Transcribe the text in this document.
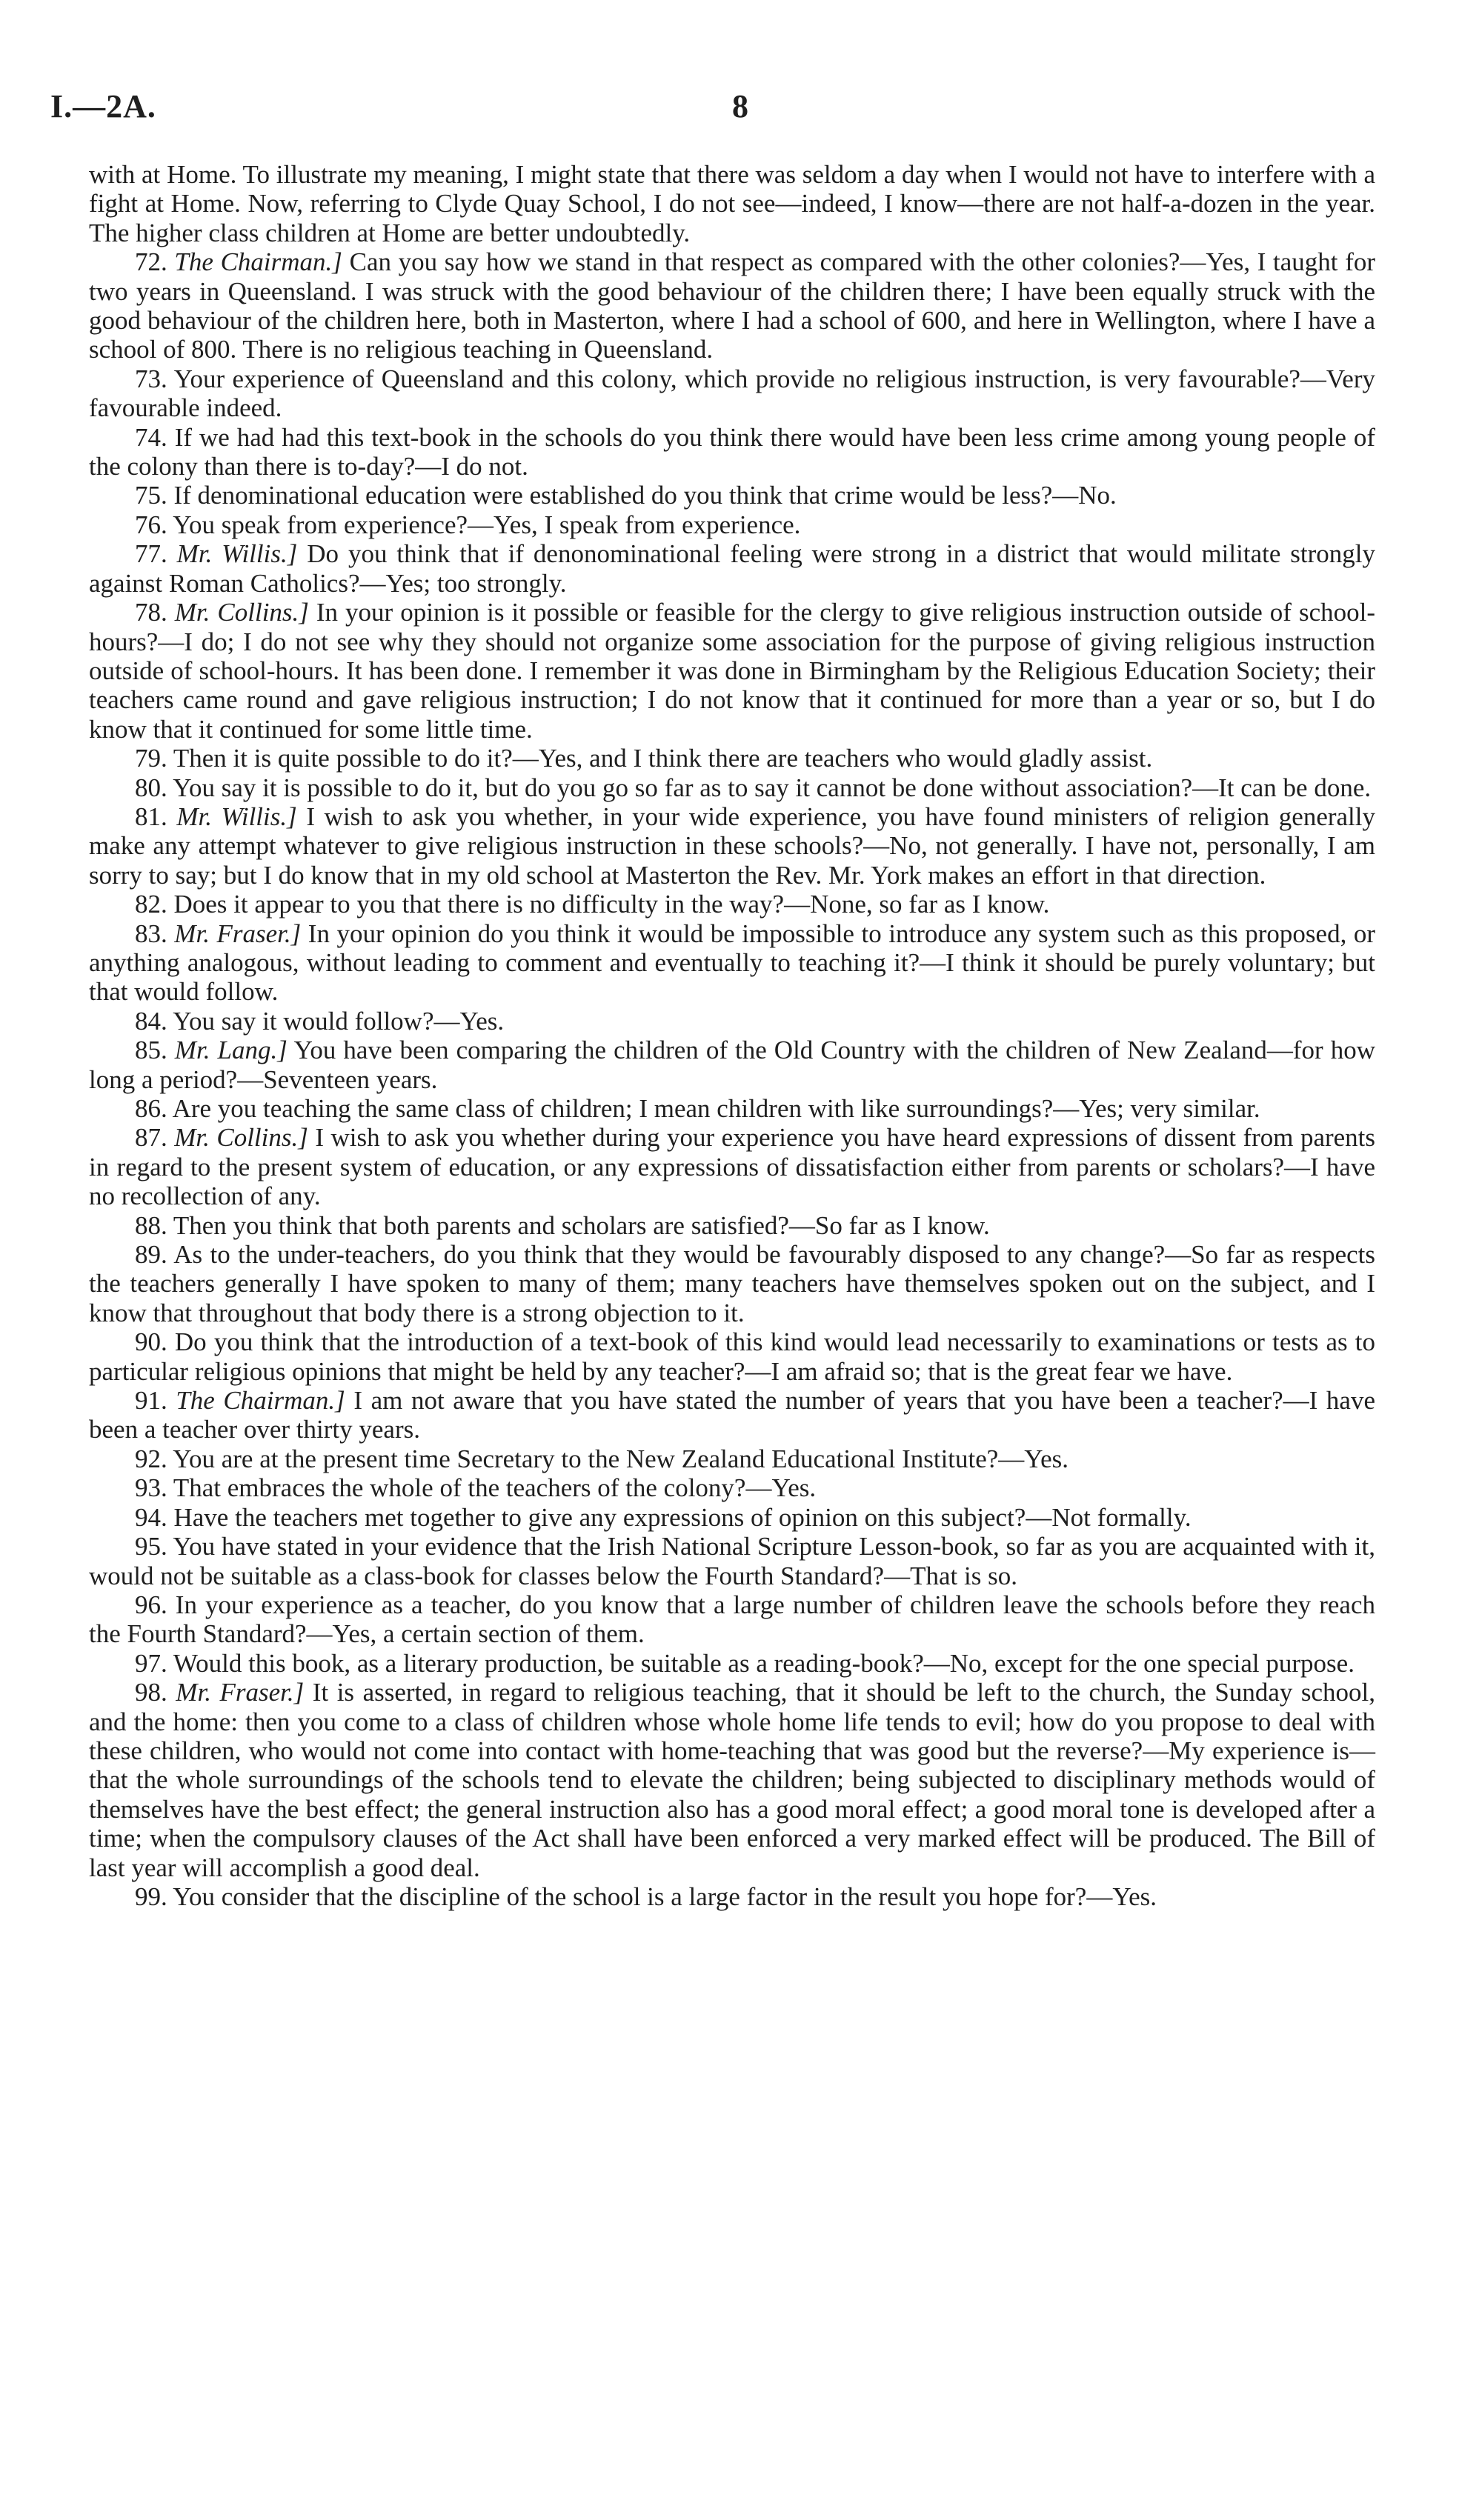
I.—2A.	8

with at Home. To illustrate my meaning, I might state that there was seldom a day when I would not have to interfere with a fight at Home. Now, referring to Clyde Quay School, I do not see—indeed, I know—there are not half-a-dozen in the year. The higher class children at Home are better undoubtedly.

72. The Chairman.] Can you say how we stand in that respect as compared with the other colonies?—Yes, I taught for two years in Queensland. I was struck with the good behaviour of the children there; I have been equally struck with the good behaviour of the children here, both in Masterton, where I had a school of 600, and here in Wellington, where I have a school of 800. There is no religious teaching in Queensland.

73. Your experience of Queensland and this colony, which provide no religious instruction, is very favourable?—Very favourable indeed.

74. If we had had this text-book in the schools do you think there would have been less crime among young people of the colony than there is to-day?—I do not.

75. If denominational education were established do you think that crime would be less?—No.

76. You speak from experience?—Yes, I speak from experience.

77. Mr. Willis.] Do you think that if denonominational feeling were strong in a district that would militate strongly against Roman Catholics?—Yes; too strongly.

78. Mr. Collins.] In your opinion is it possible or feasible for the clergy to give religious instruction outside of school-hours?—I do; I do not see why they should not organize some association for the purpose of giving religious instruction outside of school-hours. It has been done. I remember it was done in Birmingham by the Religious Education Society; their teachers came round and gave religious instruction; I do not know that it continued for more than a year or so, but I do know that it continued for some little time.

79. Then it is quite possible to do it?—Yes, and I think there are teachers who would gladly assist.

80. You say it is possible to do it, but do you go so far as to say it cannot be done without association?—It can be done.

81. Mr. Willis.] I wish to ask you whether, in your wide experience, you have found ministers of religion generally make any attempt whatever to give religious instruction in these schools?—No, not generally. I have not, personally, I am sorry to say; but I do know that in my old school at Masterton the Rev. Mr. York makes an effort in that direction.

82. Does it appear to you that there is no difficulty in the way?—None, so far as I know.

83. Mr. Fraser.] In your opinion do you think it would be impossible to introduce any system such as this proposed, or anything analogous, without leading to comment and eventually to teaching it?—I think it should be purely voluntary; but that would follow.

84. You say it would follow?—Yes.

85. Mr. Lang.] You have been comparing the children of the Old Country with the children of New Zealand—for how long a period?—Seventeen years.

86. Are you teaching the same class of children; I mean children with like surroundings?—Yes; very similar.

87. Mr. Collins.] I wish to ask you whether during your experience you have heard expressions of dissent from parents in regard to the present system of education, or any expressions of dissatisfaction either from parents or scholars?—I have no recollection of any.

88. Then you think that both parents and scholars are satisfied?—So far as I know.

89. As to the under-teachers, do you think that they would be favourably disposed to any change?—So far as respects the teachers generally I have spoken to many of them; many teachers have themselves spoken out on the subject, and I know that throughout that body there is a strong objection to it.

90. Do you think that the introduction of a text-book of this kind would lead necessarily to examinations or tests as to particular religious opinions that might be held by any teacher?—I am afraid so; that is the great fear we have.

91. The Chairman.] I am not aware that you have stated the number of years that you have been a teacher?—I have been a teacher over thirty years.

92. You are at the present time Secretary to the New Zealand Educational Institute?—Yes.

93. That embraces the whole of the teachers of the colony?—Yes.

94. Have the teachers met together to give any expressions of opinion on this subject?—Not formally.

95. You have stated in your evidence that the Irish National Scripture Lesson-book, so far as you are acquainted with it, would not be suitable as a class-book for classes below the Fourth Standard?—That is so.

96. In your experience as a teacher, do you know that a large number of children leave the schools before they reach the Fourth Standard?—Yes, a certain section of them.

97. Would this book, as a literary production, be suitable as a reading-book?—No, except for the one special purpose.

98. Mr. Fraser.] It is asserted, in regard to religious teaching, that it should be left to the church, the Sunday school, and the home: then you come to a class of children whose whole home life tends to evil; how do you propose to deal with these children, who would not come into contact with home-teaching that was good but the reverse?—My experience is—that the whole surroundings of the schools tend to elevate the children; being subjected to disciplinary methods would of themselves have the best effect; the general instruction also has a good moral effect; a good moral tone is developed after a time; when the compulsory clauses of the Act shall have been enforced a very marked effect will be produced. The Bill of last year will accomplish a good deal.

99. You consider that the discipline of the school is a large factor in the result you hope for?—Yes.
